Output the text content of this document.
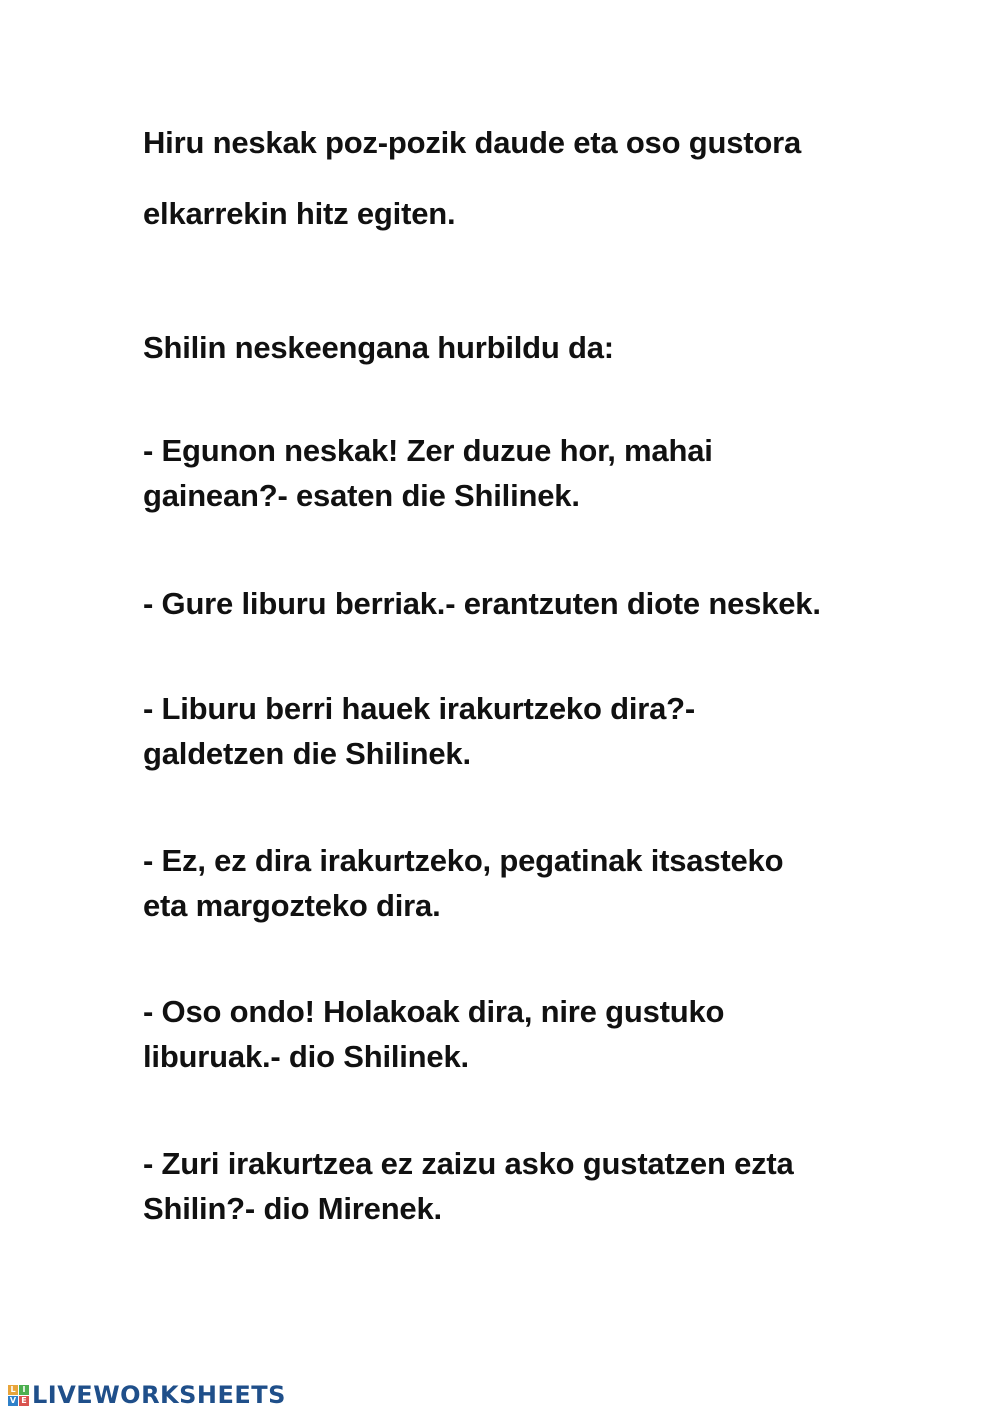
Hiru neskak poz-pozik daude eta oso gustora
elkarrekin hitz egiten.

Shilin neskeengana hurbildu da:

- Egunon neskak! Zer duzue hor, mahai
gainean?- esaten die Shilinek.

- Gure liburu berriak.- erantzuten diote neskek.

- Liburu berri hauek irakurtzeko dira?-
galdetzen die Shilinek.

- Ez, ez dira irakurtzeko, pegatinak itsasteko
eta margozteko dira.

- Oso ondo! Holakoak dira, nire gustuko
liburuak.- dio Shilinek.

- Zuri irakurtzea ez zaizu asko gustatzen ezta
Shilin?- dio Mirenek.

L I
V E LIVEWORKSHEETS
